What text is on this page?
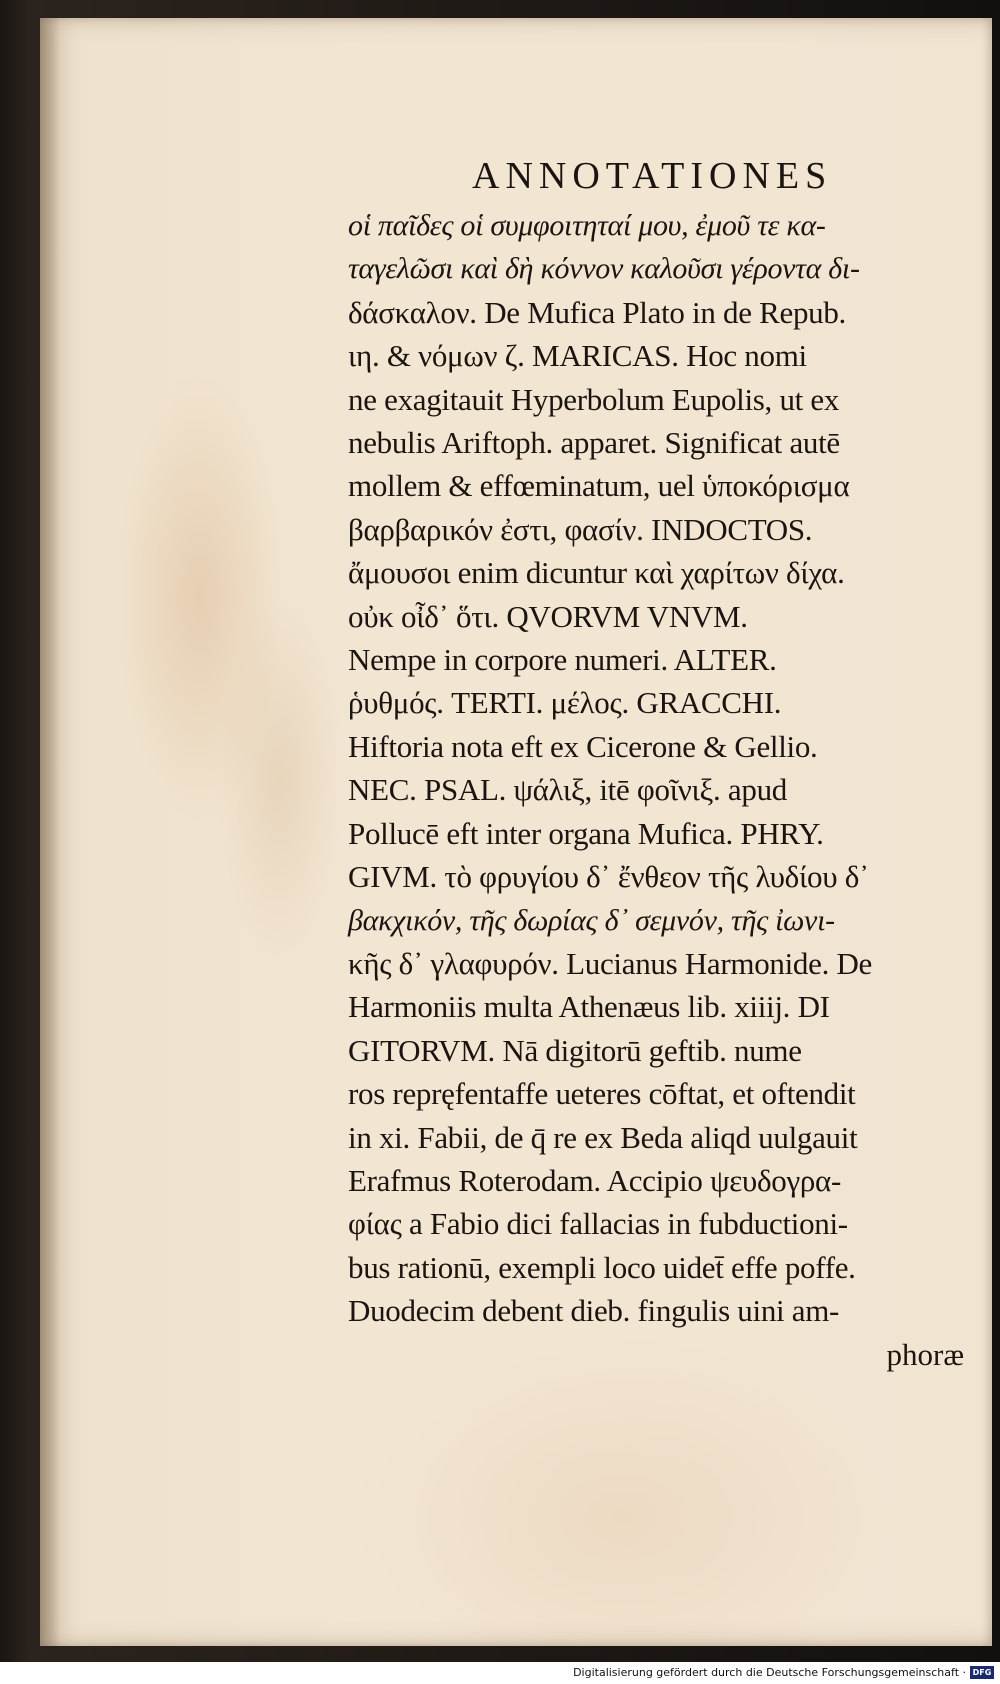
ANNOTATIONES
οἱ παῖδες οἱ συμφοιτηταί μου, ἐμοῦ τε κα-
ταγελῶσι καὶ δὴ κόννον καλοῦσι γέροντα δι-
δάσκαλον. De Mufica Plato in de Repub.
ιη. & νόμων ζ. MARICAS. Hoc nomi
ne exagitauit Hyperbolum Eupolis, ut ex
nebulis Ariftoph. apparet. Significat autē
mollem & effœminatum, uel ὑποκόρισμα
βαρβαρικόν ἐστι, φασίν. INDOCTOS.
ἄμουσοι enim dicuntur καὶ χαρίτων δίχα.
οὐκ οἶδ᾽ ὅτι. QVORVM VNVM.
Nempe in corpore numeri. ALTER.
ῥυθμός. TERTI. μέλος. GRACCHI.
Hiftoria nota eft ex Cicerone & Gellio.
NEC. PSAL. ψάλιξ, itē φοῖνιξ. apud
Pollucē eft inter organa Mufica. PHRY.
GIVM. τὸ φρυγίου δ᾽ ἔνθεον τῆς λυδίου δ᾽
βακχικόν, τῆς δωρίας δ᾽ σεμνόν, τῆς ἰωνι-
κῆς δ᾽ γλαφυρόν. Lucianus Harmonide. De
Harmoniis multa Athenæus lib. xiiij. DI
GITORVM. Nā digitorū geftib. nume
ros repręfentaffe ueteres cōftat, et oftendit
in xi. Fabii, de q̄ re ex Beda aliqd uulgauit
Erafmus Roterodam. Accipio ψευδογρα-
φίας a Fabio dici fallacias in fubductioni-
bus rationū, exempli loco uidet̄ effe poffe.
Duodecim debent dieb. fingulis uini am-
phoræ
Digitalisierung gefördert durch die Deutsche Forschungsgemeinschaft · DFG
